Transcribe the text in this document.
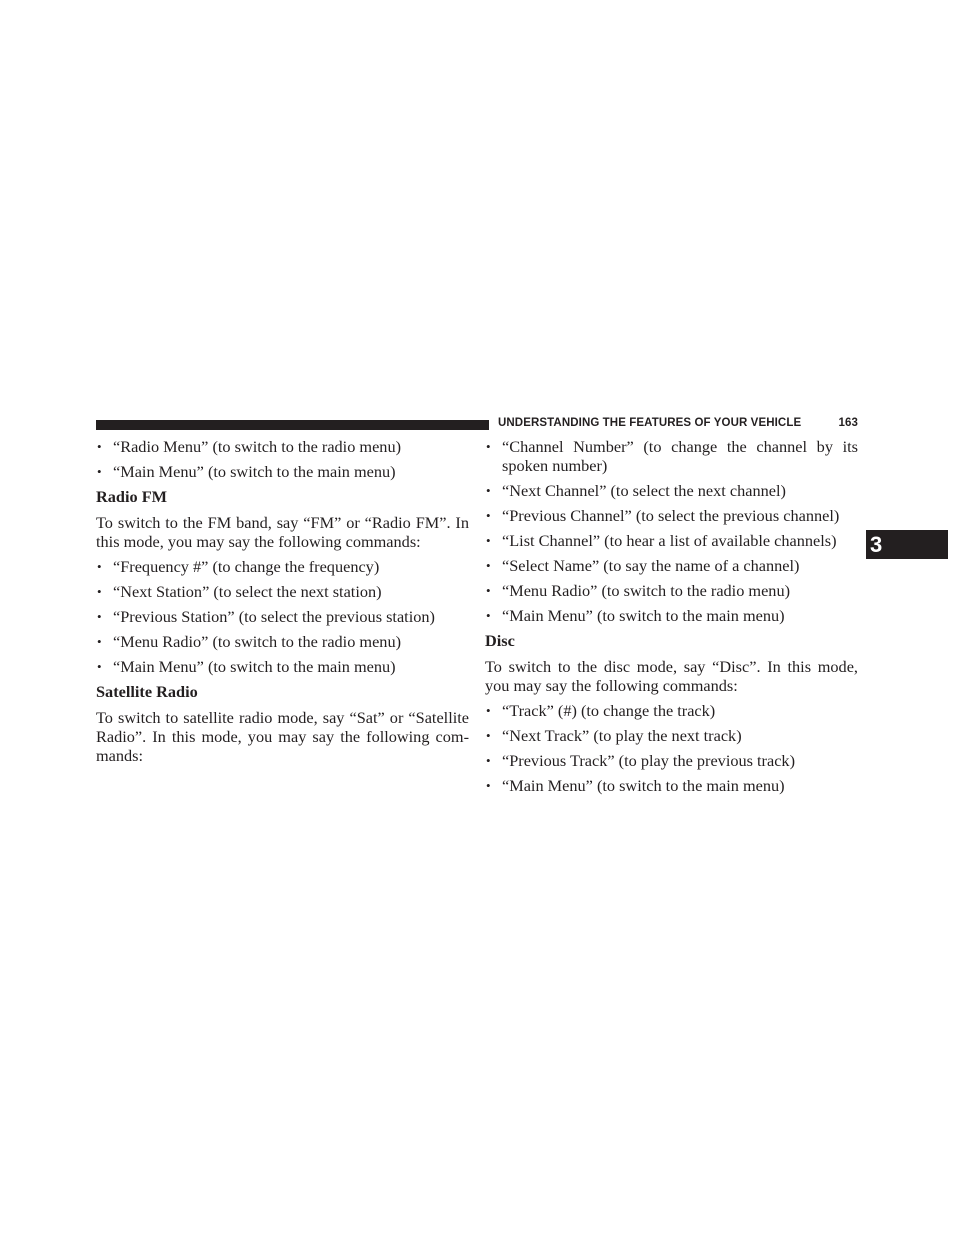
UNDERSTANDING THE FEATURES OF YOUR VEHICLE	163
3
• “Radio Menu” (to switch to the radio menu)
• “Main Menu” (to switch to the main menu)
Radio FM

To switch to the FM band, say “FM” or “Radio FM”. In this mode, you may say the following commands:

• “Frequency #” (to change the frequency)
• “Next Station” (to select the next station)
• “Previous Station” (to select the previous station)
• “Menu Radio” (to switch to the radio menu)
• “Main Menu” (to switch to the main menu)
Satellite Radio

To switch to satellite radio mode, say “Sat” or “Satellite Radio”. In this mode, you may say the following com-mands:

• “Channel Number” (to change the channel by its spoken number)
• “Next Channel” (to select the next channel)
• “Previous Channel” (to select the previous channel)
• “List Channel” (to hear a list of available channels)
• “Select Name” (to say the name of a channel)
• “Menu Radio” (to switch to the radio menu)
• “Main Menu” (to switch to the main menu)
Disc

To switch to the disc mode, say “Disc”. In this mode, you may say the following commands:

• “Track” (#) (to change the track)
• “Next Track” (to play the next track)
• “Previous Track” (to play the previous track)
• “Main Menu” (to switch to the main menu)
